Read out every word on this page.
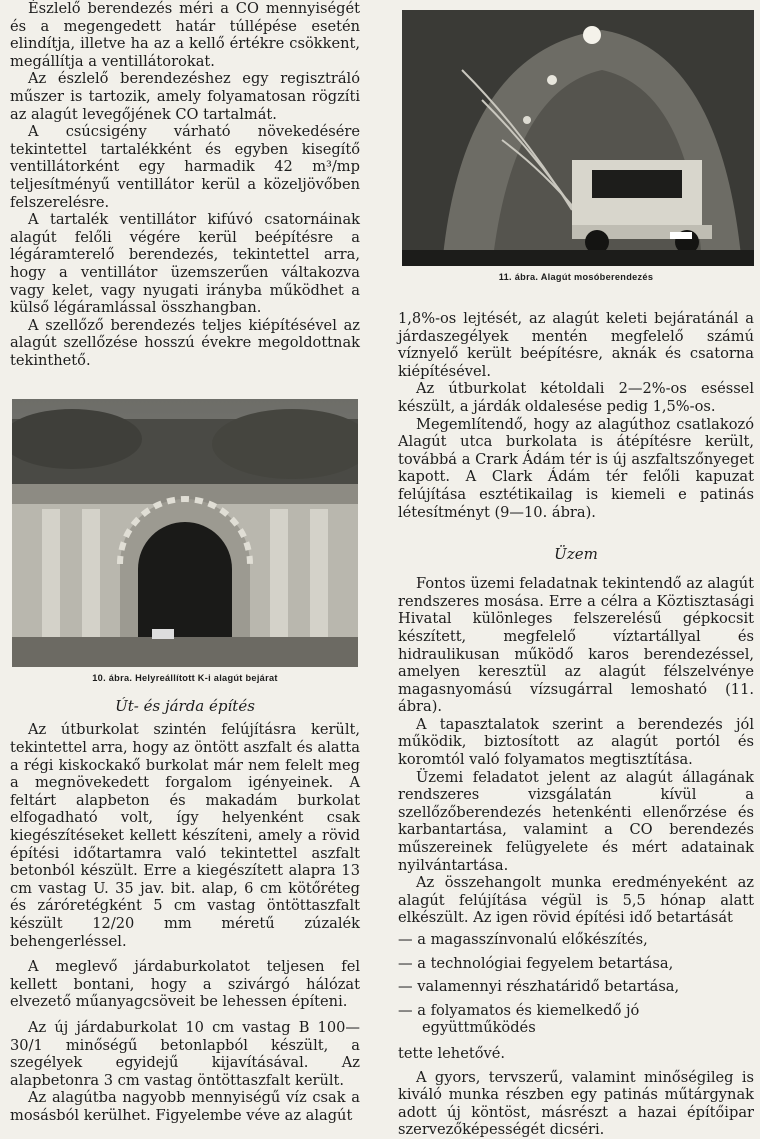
Észlelő berendezés méri a CO mennyiségét és a megengedett határ túllépése esetén elindítja, illetve ha az a kellő értékre csökkent, megállítja a ventillátorokat.

Az észlelő berendezéshez egy regisztráló műszer is tartozik, amely folyamatosan rögzíti az alagút levegőjének CO tartalmát.

A csúcsigény várható növekedésére tekintettel tartalékként és egyben kisegítő ventillátorként egy harmadik 42 m³/mp teljesítményű ventillátor kerül a közeljövőben felszerelésre.

A tartalék ventillátor kifúvó csatornáinak alagút felőli végére kerül beépítésre a légáramterelő berendezés, tekintettel arra, hogy a ventillátor üzemszerűen váltakozva vagy kelet, vagy nyugati irányba működhet a külső légáramlással összhangban.

A szellőző berendezés teljes kiépítésével az alagút szellőzése hosszú évekre megoldottnak tekinthető.

10. ábra. Helyreállított K-i alagút bejárat
Út- és járda építés

Az útburkolat szintén felújításra került, tekintettel arra, hogy az öntött aszfalt és alatta a régi kiskockakő burkolat már nem felelt meg a megnövekedett forgalom igényeinek. A feltárt alapbeton és makadám burkolat elfogadható volt, így helyenként csak kiegészítéseket kellett készíteni, amely a rövid építési időtartamra való tekintettel aszfalt betonból készült. Erre a kiegészített alapra 13 cm vastag U. 35 jav. bit. alap, 6 cm kötőréteg és záróretégként 5 cm vastag öntöttaszfalt készült 12/20 mm méretű zúzalék behengerléssel.

A meglevő járdaburkolatot teljesen fel kellett bontani, hogy a szivárgó hálózat elvezető műanyagcsöveit be lehessen építeni.

Az új járdaburkolat 10 cm vastag B 100—30/1 minőségű betonlapból készült, a szegélyek egyidejű kijavításával. Az alapbetonra 3 cm vastag öntöttaszfalt került.

Az alagútba nagyobb mennyiségű víz csak a mosásból kerülhet. Figyelembe véve az alagút

11. ábra. Alagút mosóberendezés

1,8%-os lejtését, az alagút keleti bejáratánál a járdaszegélyek mentén megfelelő számú víznyelő került beépítésre, aknák és csatorna kiépítésével.

Az útburkolat kétoldali 2—2%-os eséssel készült, a járdák oldalesése pedig 1,5%-os.

Megemlítendő, hogy az alagúthoz csatlakozó Alagút utca burkolata is átépítésre került, továbbá a Crark Ádám tér is új aszfaltszőnyeget kapott. A Clark Ádám tér felőli kapuzat felújítása esztétikailag is kiemeli e patinás létesítményt (9—10. ábra).

Üzem

Fontos üzemi feladatnak tekintendő az alagút rendszeres mosása. Erre a célra a Köztisztasági Hivatal különleges felszerelésű gépkocsit készített, megfelelő víztartállyal és hidraulikusan működő karos berendezéssel, amelyen keresztül az alagút félszelvénye magasnyomású vízsugárral lemosható (11. ábra).

A tapasztalatok szerint a berendezés jól működik, biztosított az alagút portól és koromtól való folyamatos megtisztítása.

Üzemi feladatot jelent az alagút állagának rendszeres vizsgálatán kívül a szellőzőberendezés hetenkénti ellenőrzése és karbantartása, valamint a CO berendezés műszereinek felügyelete és mért adatainak nyilvántartása.

Az összehangolt munka eredményeként az alagút felújítása végül is 5,5 hónap alatt elkészült. Az igen rövid építési idő betartását

— a magasszínvonalú előkészítés,
— a technológiai fegyelem betartása,
— valamennyi részhatáridő betartása,
— a folyamatos és kiemelkedő jó együttműködés
tette lehetővé.

A gyors, tervszerű, valamint minőségileg is kiváló munka részben egy patinás műtárgynak adott új köntöst, másrészt a hazai építőipar szervezőképességét dicséri.
